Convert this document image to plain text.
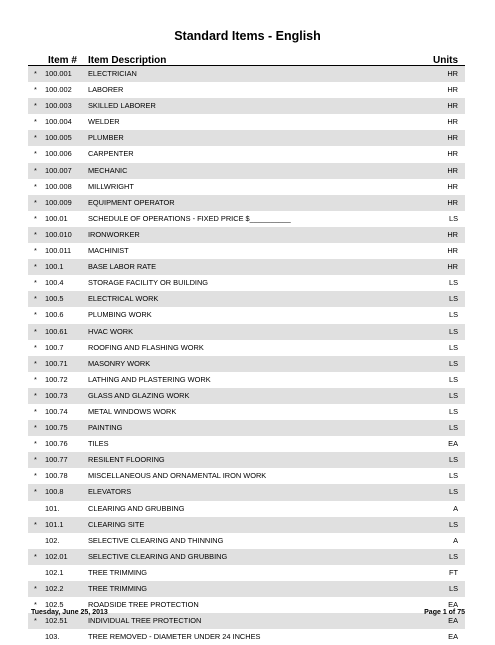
Standard Items - English
Item # Item Description	Units
* 100.001 ELECTRICIAN	HR
* 100.002 LABORER	HR
* 100.003 SKILLED LABORER	HR
* 100.004 WELDER	HR
* 100.005 PLUMBER	HR
* 100.006 CARPENTER	HR
* 100.007 MECHANIC	HR
* 100.008 MILLWRIGHT	HR
* 100.009 EQUIPMENT OPERATOR	HR
* 100.01	SCHEDULE OF OPERATIONS - FIXED PRICE $__________	LS
* 100.010 IRONWORKER	HR
* 100.011 MACHINIST	HR
* 100.1	BASE LABOR RATE	HR
* 100.4	STORAGE FACILITY OR BUILDING	LS
* 100.5	ELECTRICAL WORK	LS
* 100.6	PLUMBING WORK	LS
* 100.61	HVAC WORK	LS
* 100.7	ROOFING AND FLASHING WORK	LS
* 100.71	MASONRY WORK	LS
* 100.72	LATHING AND PLASTERING WORK	LS
* 100.73	GLASS AND GLAZING WORK	LS
* 100.74	METAL WINDOWS WORK	LS
* 100.75	PAINTING	LS
* 100.76	TILES	EA
* 100.77	RESILENT FLOORING	LS
* 100.78	MISCELLANEOUS AND ORNAMENTAL IRON WORK	LS
* 100.8	ELEVATORS	LS
101.	CLEARING AND GRUBBING	A
* 101.1	CLEARING SITE	LS
102.	SELECTIVE CLEARING AND THINNING	A
* 102.01	SELECTIVE CLEARING AND GRUBBING	LS
102.1	TREE TRIMMING	FT
* 102.2	TREE TRIMMING	LS
* 102.5	ROADSIDE TREE PROTECTION	EA
* 102.51	INDIVIDUAL TREE PROTECTION	EA
103.	TREE REMOVED - DIAMETER UNDER 24 INCHES	EA
Tuesday, June 25, 2013	Page 1 of 75
